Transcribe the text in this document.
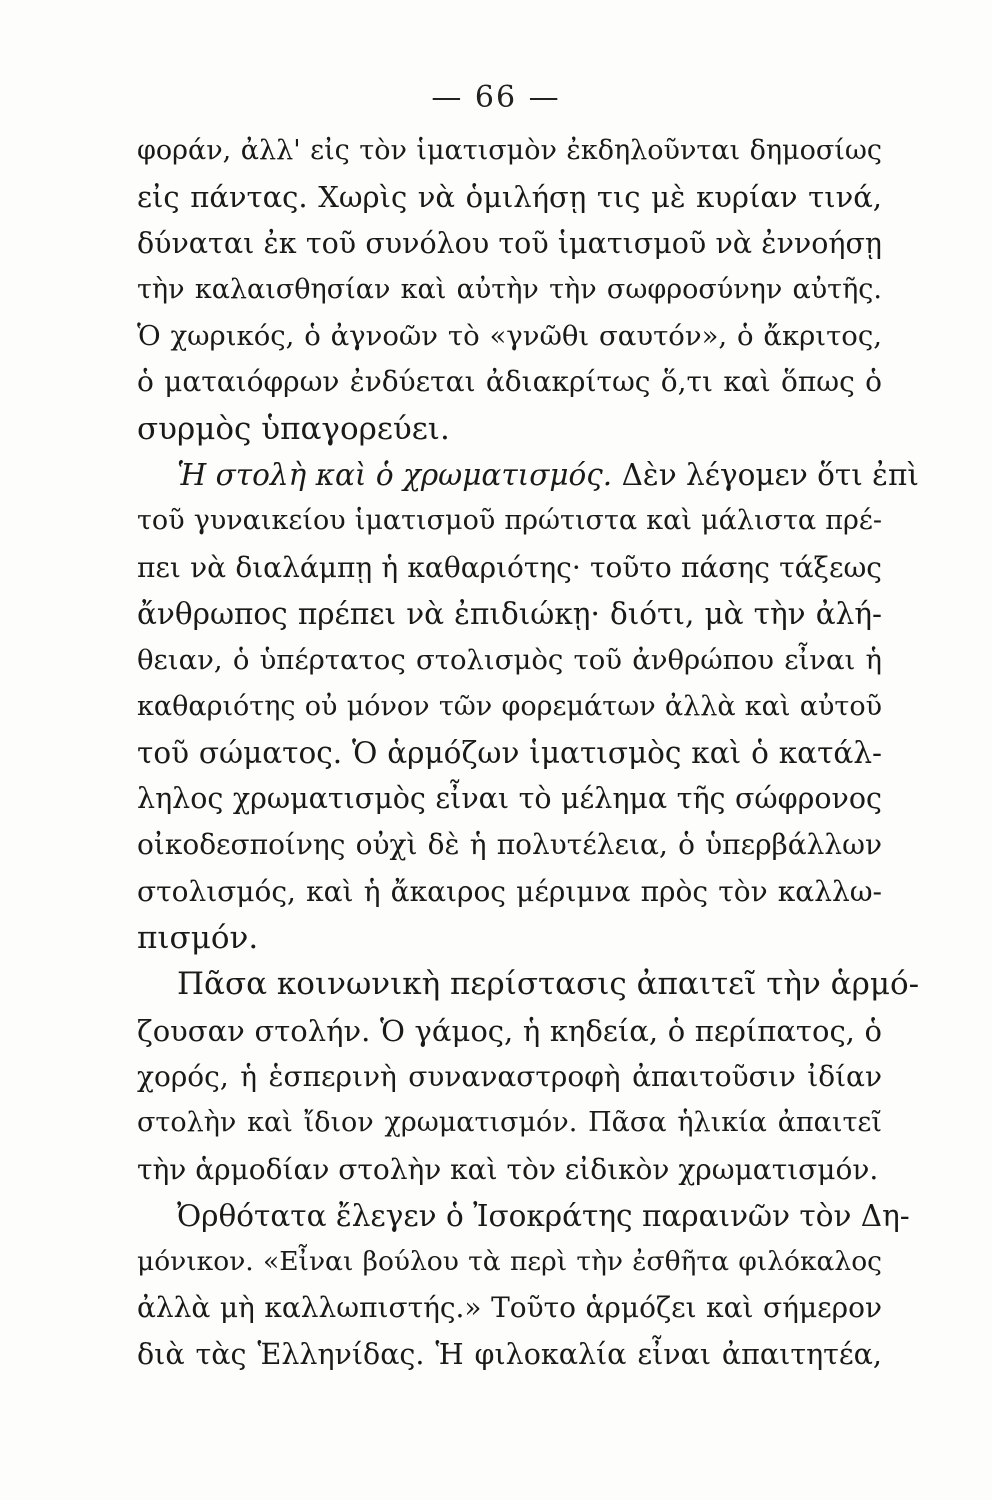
— 66 —
φοράν, ἀλλ' εἰς τὸν ἱματισμὸν ἐκδηλοῦνται δημοσίως
εἰς πάντας. Χωρὶς νὰ ὁμιλήσῃ τις μὲ κυρίαν τινά,
δύναται ἐκ τοῦ συνόλου τοῦ ἱματισμοῦ νὰ ἐννοήσῃ
τὴν καλαισθησίαν καὶ αὐτὴν τὴν σωφροσύνην αὐτῆς.
Ὁ χωρικός, ὁ ἀγνοῶν τὸ «γνῶθι σαυτόν», ὁ ἄκριτος,
ὁ ματαιόφρων ἐνδύεται ἀδιακρίτως ὅ,τι καὶ ὅπως ὁ
συρμὸς ὑπαγορεύει.
Ἡ στολὴ καὶ ὁ χρωματισμός. Δὲν λέγομεν ὅτι ἐπὶ
τοῦ γυναικείου ἱματισμοῦ πρώτιστα καὶ μάλιστα πρέ-
πει νὰ διαλάμπῃ ἡ καθαριότης· τοῦτο πάσης τάξεως
ἄνθρωπος πρέπει νὰ ἐπιδιώκῃ· διότι, μὰ τὴν ἀλή-
θειαν, ὁ ὑπέρτατος στολισμὸς τοῦ ἀνθρώπου εἶναι ἡ
καθαριότης οὐ μόνον τῶν φορεμάτων ἀλλὰ καὶ αὐτοῦ
τοῦ σώματος. Ὁ ἁρμόζων ἱματισμὸς καὶ ὁ κατάλ-
ληλος χρωματισμὸς εἶναι τὸ μέλημα τῆς σώφρονος
οἰκοδεσποίνης οὐχὶ δὲ ἡ πολυτέλεια, ὁ ὑπερβάλλων
στολισμός, καὶ ἡ ἄκαιρος μέριμνα πρὸς τὸν καλλω-
πισμόν.
Πᾶσα κοινωνικὴ περίστασις ἀπαιτεῖ τὴν ἁρμό-
ζουσαν στολήν. Ὁ γάμος, ἡ κηδεία, ὁ περίπατος, ὁ
χορός, ἡ ἑσπερινὴ συναναστροφὴ ἀπαιτοῦσιν ἰδίαν
στολὴν καὶ ἴδιον χρωματισμόν. Πᾶσα ἡλικία ἀπαιτεῖ
τὴν ἁρμοδίαν στολὴν καὶ τὸν εἰδικὸν χρωματισμόν.
Ὀρθότατα ἔλεγεν ὁ Ἰσοκράτης παραινῶν τὸν Δη-
μόνικον. «Εἶναι βούλου τὰ περὶ τὴν ἐσθῆτα φιλόκαλος
ἀλλὰ μὴ καλλωπιστής.» Τοῦτο ἁρμόζει καὶ σήμερον
διὰ τὰς Ἑλληνίδας. Ἡ φιλοκαλία εἶναι ἀπαιτητέα,
